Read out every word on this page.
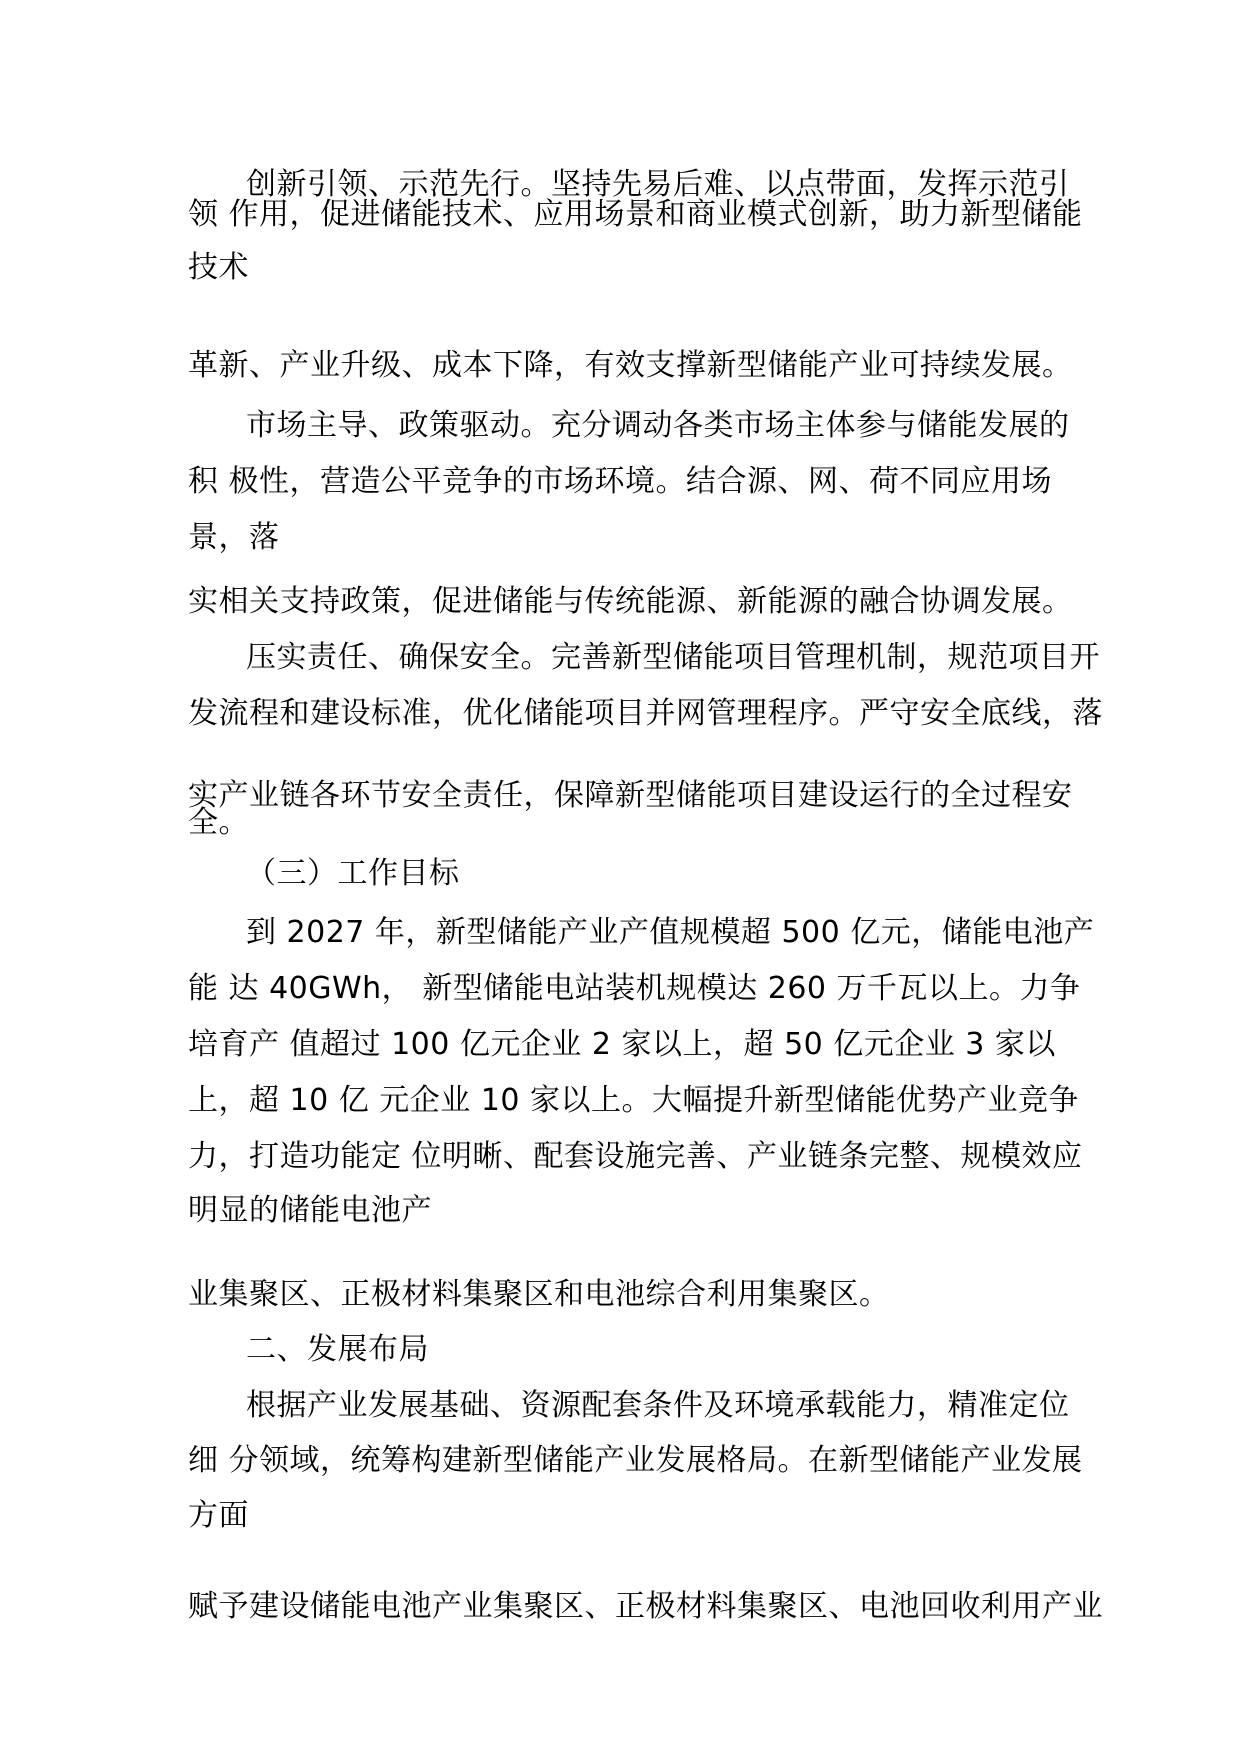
创新引领、示范先行。坚持先易后难、以点带面，发挥示范引
领 作用，促进储能技术、应用场景和商业模式创新，助力新型储能
技术
革新、产业升级、成本下降，有效支撑新型储能产业可持续发展。
市场主导、政策驱动。充分调动各类市场主体参与储能发展的
积 极性，营造公平竞争的市场环境。结合源、网、荷不同应用场
景，落
实相关支持政策，促进储能与传统能源、新能源的融合协调发展。
压实责任、确保安全。完善新型储能项目管理机制，规范项目开
发流程和建设标准，优化储能项目并网管理程序。严守安全底线，落
实产业链各环节安全责任，保障新型储能项目建设运行的全过程安
全。
（三）工作目标
到 2027 年，新型储能产业产值规模超 500 亿元，储能电池产
能 达 40GWh， 新型储能电站装机规模达 260 万千瓦以上。力争
培育产 值超过 100 亿元企业 2 家以上，超 50 亿元企业 3 家以
上，超 10 亿 元企业 10 家以上。大幅提升新型储能优势产业竞争
力，打造功能定 位明晰、配套设施完善、产业链条完整、规模效应
明显的储能电池产
业集聚区、正极材料集聚区和电池综合利用集聚区。
二、发展布局
根据产业发展基础、资源配套条件及环境承载能力，精准定位
细 分领域，统筹构建新型储能产业发展格局。在新型储能产业发展
方面
赋予建设储能电池产业集聚区、正极材料集聚区、电池回收利用产业
